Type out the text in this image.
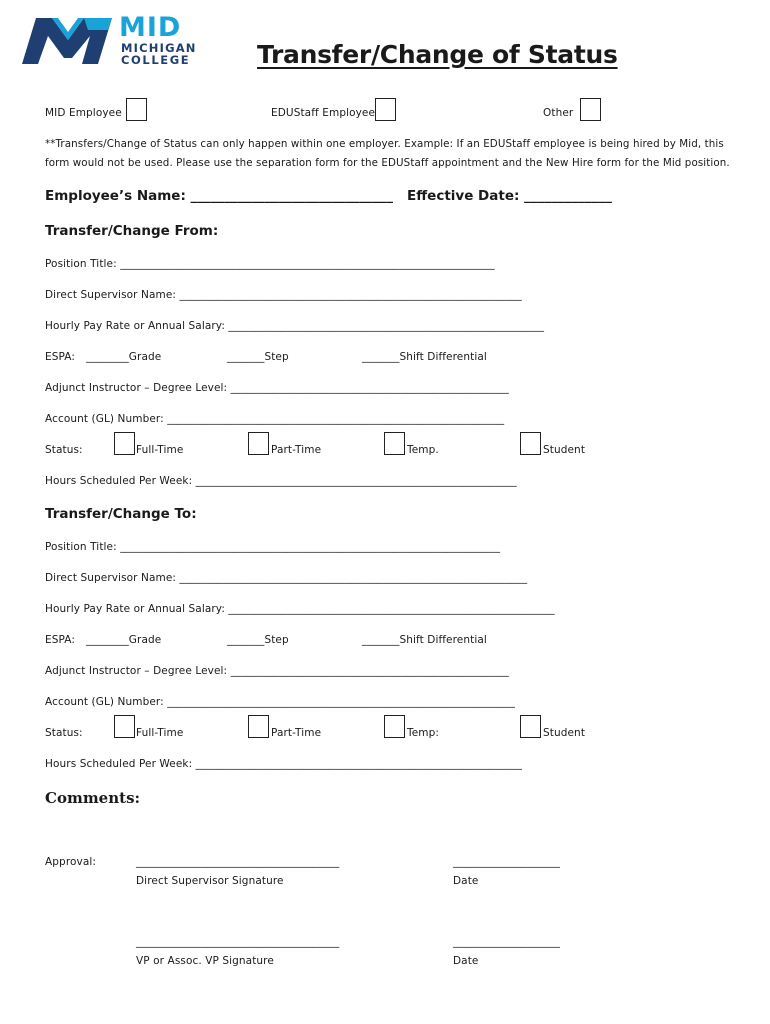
MID
MICHIGAN
COLLEGE	Transfer/Change of Status
MID Employee	EDUStaff Employee	Other
**Transfers/Change of Status can only happen within one employer. Example: If an EDUStaff employee is being hired by Mid, this
form would not be used. Please use the separation form for the EDUStaff appointment and the New Hire form for the Mid position.
Employee’s Name: ______________________________ Effective Date: _____________
Transfer/Change From:
Position Title: ______________________________________________________________________
Direct Supervisor Name: ________________________________________________________________
Hourly Pay Rate or Annual Salary: ___________________________________________________________
ESPA: ________Grade	_______Step	_______Shift Differential
Adjunct Instructor – Degree Level: ____________________________________________________
Account (GL) Number: _______________________________________________________________
Status:	Full-Time	Part-Time	Temp.	Student
Hours Scheduled Per Week: ____________________________________________________________
Transfer/Change To:
Position Title: _______________________________________________________________________
Direct Supervisor Name: _________________________________________________________________
Hourly Pay Rate or Annual Salary: _____________________________________________________________
ESPA: ________Grade	_______Step	_______Shift Differential
Adjunct Instructor – Degree Level: ____________________________________________________
Account (GL) Number: _________________________________________________________________
Status:	Full-Time	Part-Time	Temp:	Student
Hours Scheduled Per Week: _____________________________________________________________
Comments:
Approval:	______________________________________
Direct Supervisor Signature
____________________
Date
______________________________________
VP or Assoc. VP Signature
____________________
Date
